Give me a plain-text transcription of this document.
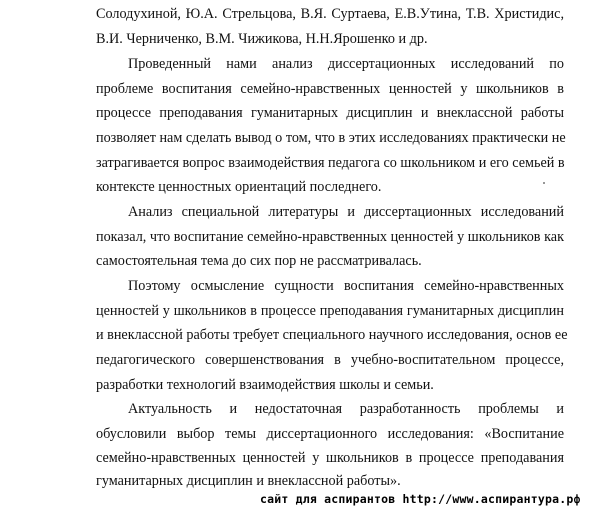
Солодухиной, Ю.А. Стрельцова, В.Я. Суртаева, Е.В.Утина, Т.В. Христидис,
В.И. Черниченко, В.М. Чижикова, Н.Н.Ярошенко и др.
Проведенный нами анализ диссертационных исследований по
проблеме воспитания семейно-нравственных ценностей у школьников в
процессе преподавания гуманитарных дисциплин и внеклассной работы
позволяет нам сделать вывод о том, что в этих исследованиях практически не
затрагивается вопрос взаимодействия педагога со школьником и его семьей в
контексте ценностных ориентаций последнего.
Анализ специальной литературы и диссертационных исследований
показал, что воспитание семейно-нравственных ценностей у школьников как
самостоятельная тема до сих пор не рассматривалась.
Поэтому осмысление сущности воспитания семейно-нравственных
ценностей у школьников в процессе преподавания гуманитарных дисциплин
и внеклассной работы требует специального научного исследования, основ ее
педагогического совершенствования в учебно-воспитательном процессе,
разработки технологий взаимодействия школы и семьи.
Актуальность и недостаточная разработанность проблемы и
обусловили выбор темы диссертационного исследования: «Воспитание
семейно-нравственных ценностей у школьников в процессе преподавания
гуманитарных дисциплин и внеклассной работы».
сайт для аспирантов http://www.аспирантура.рф
